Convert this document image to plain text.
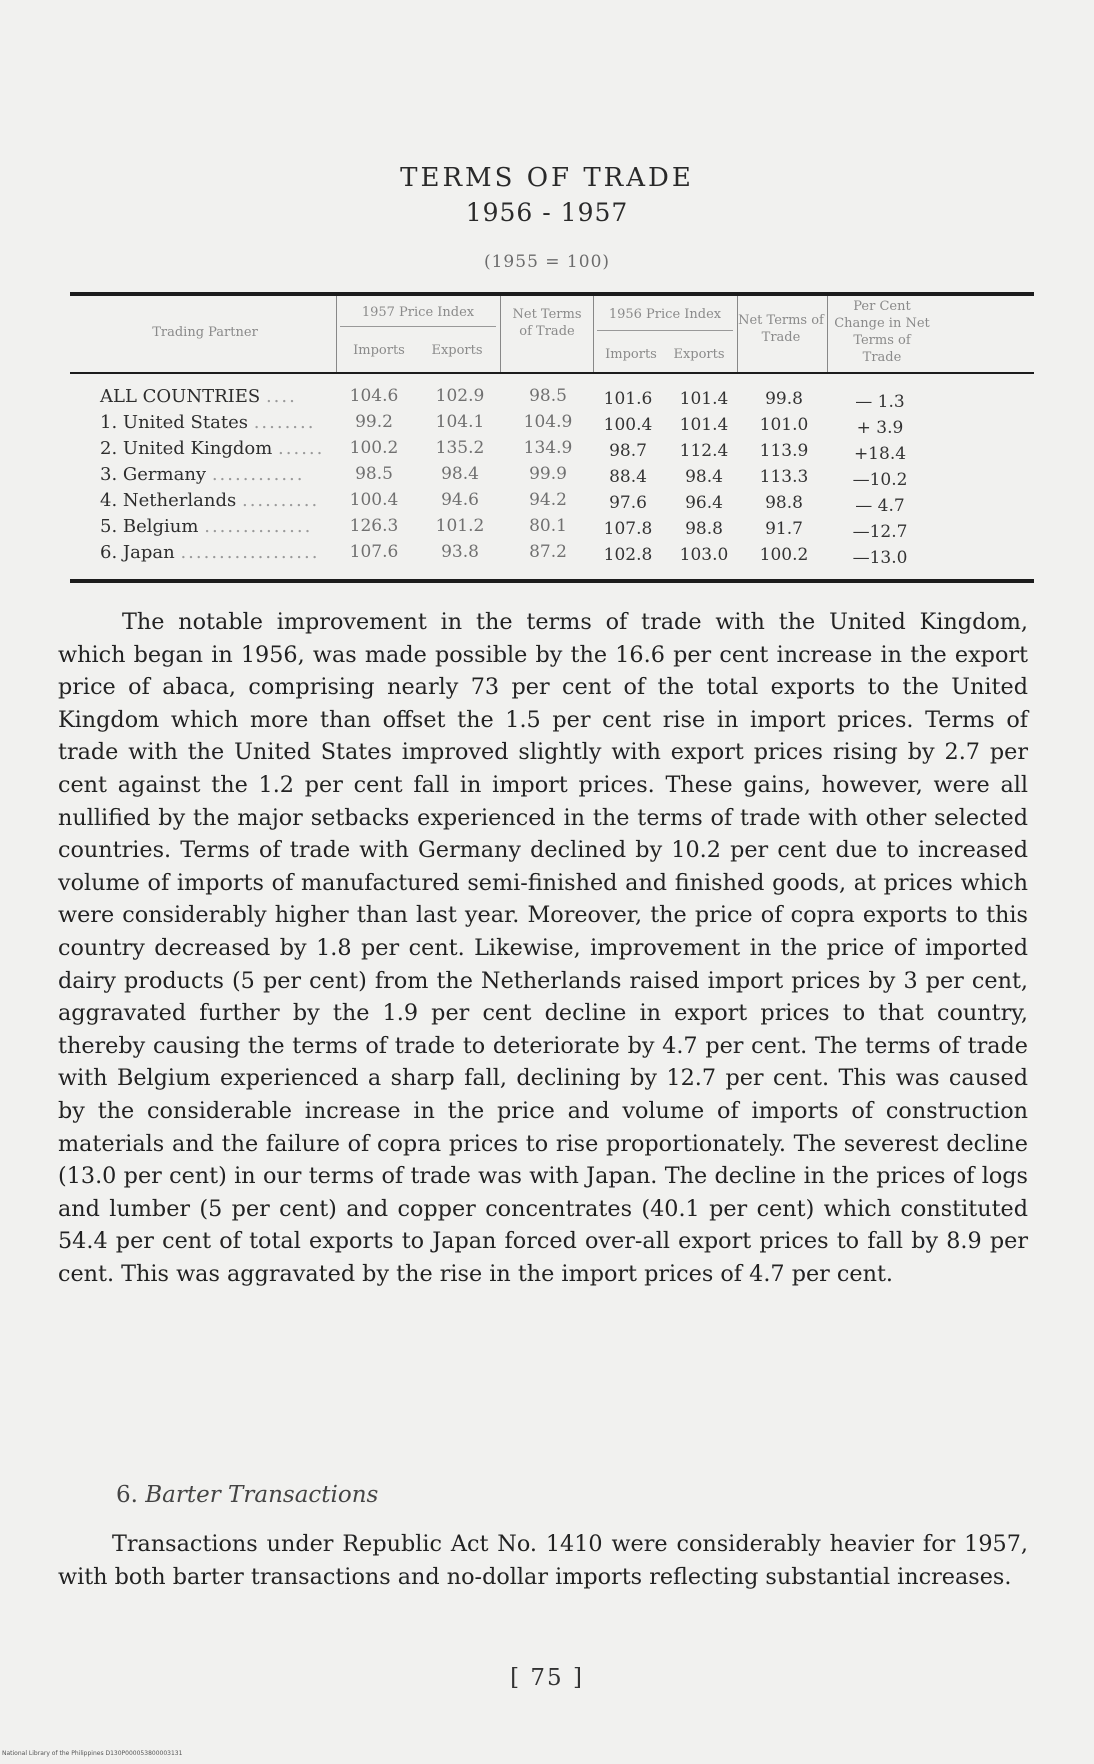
TERMS OF TRADE
1956 - 1957
(1955 = 100)
Trading Partner
1957 Price Index
Imports	Exports
Net Terms of Trade
1956 Price Index
Imports	Exports
Net Terms of Trade
Per Cent Change in Net Terms of Trade
ALL COUNTRIES ....	104.6	102.9	98.5	101.6	101.4	99.8	— 1.3
1. United States ........	99.2	104.1	104.9	100.4	101.4	101.0	+ 3.9
2. United Kingdom ......	100.2	135.2	134.9	98.7	112.4	113.9	+18.4
3. Germany ............	98.5	98.4	99.9	88.4	98.4	113.3	—10.2
4. Netherlands ..........	100.4	94.6	94.2	97.6	96.4	98.8	— 4.7
5. Belgium ..............	126.3	101.2	80.1	107.8	98.8	91.7	—12.7
6. Japan ..................	107.6	93.8	87.2	102.8	103.0	100.2	—13.0
The notable improvement in the terms of trade with the United Kingdom, which began in 1956, was made possible by the 16.6 per cent increase in the export price of abaca, comprising nearly 73 per cent of the total exports to the United Kingdom which more than offset the 1.5 per cent rise in import prices. Terms of trade with the United States improved slightly with export prices rising by 2.7 per cent against the 1.2 per cent fall in import prices. These gains, however, were all nullified by the major setbacks experienced in the terms of trade with other selected countries. Terms of trade with Germany declined by 10.2 per cent due to increased volume of imports of manufactured semi-finished and finished goods, at prices which were considerably higher than last year. Moreover, the price of copra exports to this country decreased by 1.8 per cent. Likewise, improvement in the price of imported dairy products (5 per cent) from the Netherlands raised import prices by 3 per cent, aggravated further by the 1.9 per cent decline in export prices to that country, thereby causing the terms of trade to deteriorate by 4.7 per cent. The terms of trade with Belgium experienced a sharp fall, declining by 12.7 per cent. This was caused by the considerable increase in the price and volume of imports of construction materials and the failure of copra prices to rise proportionately. The severest decline (13.0 per cent) in our terms of trade was with Japan. The decline in the prices of logs and lumber (5 per cent) and copper concentrates (40.1 per cent) which constituted 54.4 per cent of total exports to Japan forced over-all export prices to fall by 8.9 per cent. This was aggravated by the rise in the import prices of 4.7 per cent.
6. Barter Transactions
Transactions under Republic Act No. 1410 were considerably heavier for 1957, with both barter transactions and no-dollar imports reflecting substantial increases.
[ 75 ]
National Library of the Philippines D130P000053800003131
